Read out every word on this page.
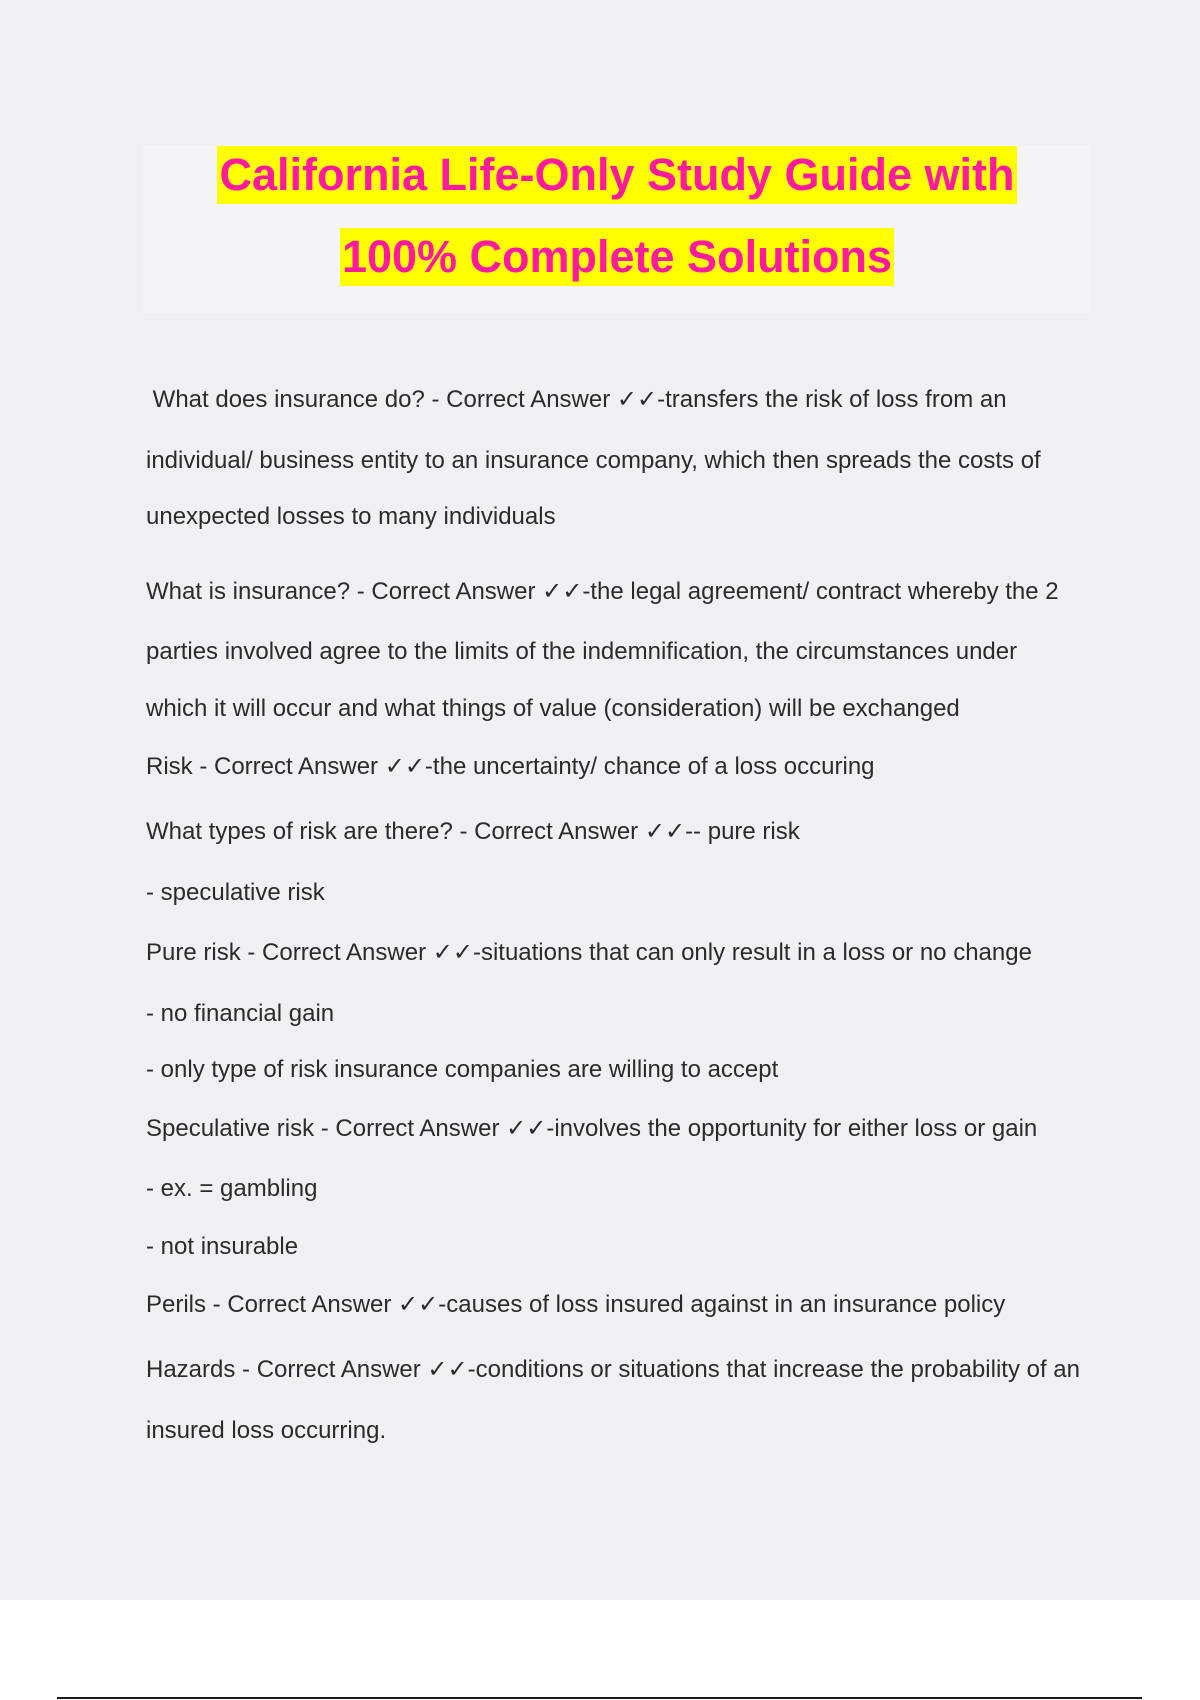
California Life-Only Study Guide with
100% Complete Solutions
What does insurance do? - Correct Answer ✓✓-transfers the risk of loss from an
individual/ business entity to an insurance company, which then spreads the costs of
unexpected losses to many individuals
What is insurance? - Correct Answer ✓✓-the legal agreement/ contract whereby the 2
parties involved agree to the limits of the indemnification, the circumstances under
which it will occur and what things of value (consideration) will be exchanged
Risk - Correct Answer ✓✓-the uncertainty/ chance of a loss occuring
What types of risk are there? - Correct Answer ✓✓-- pure risk
- speculative risk
Pure risk - Correct Answer ✓✓-situations that can only result in a loss or no change
- no financial gain
- only type of risk insurance companies are willing to accept
Speculative risk - Correct Answer ✓✓-involves the opportunity for either loss or gain
- ex. = gambling
- not insurable
Perils - Correct Answer ✓✓-causes of loss insured against in an insurance policy
Hazards - Correct Answer ✓✓-conditions or situations that increase the probability of an
insured loss occurring.
